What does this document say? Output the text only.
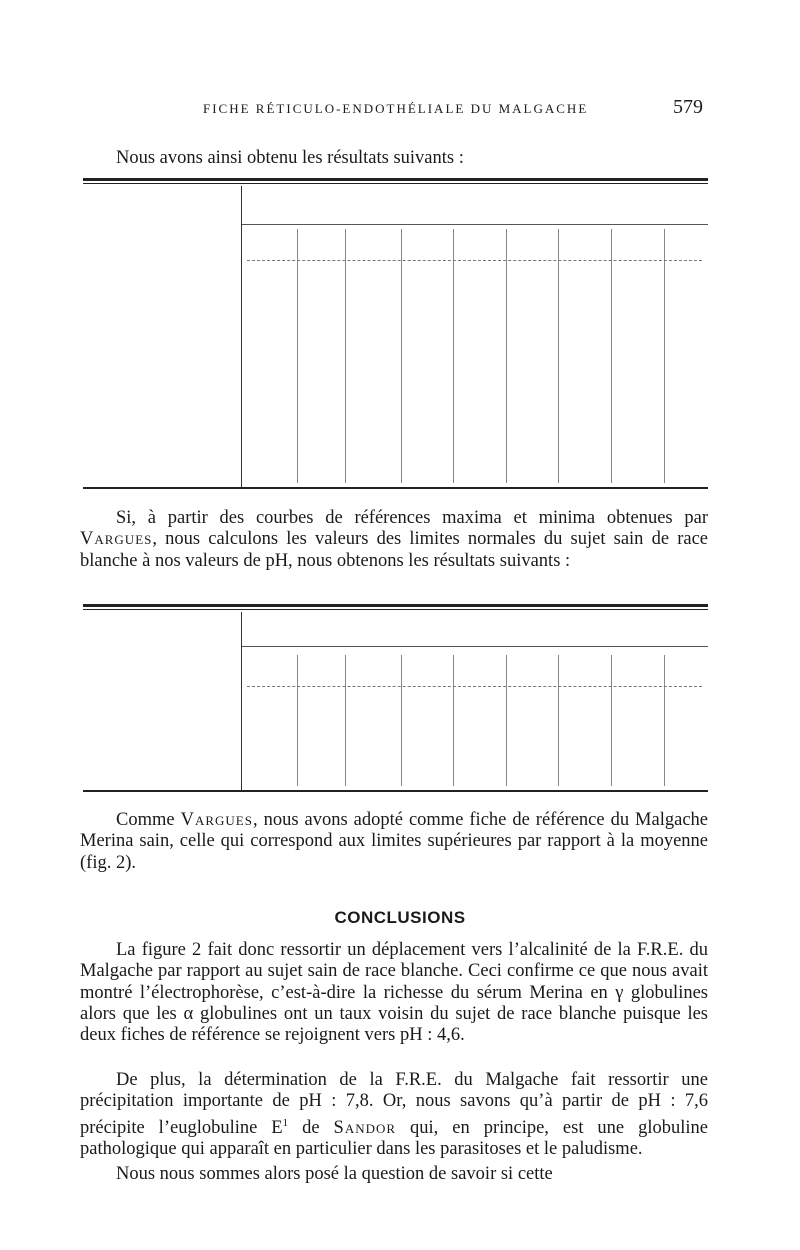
FICHE RÉTICULO-ENDOTHÉLIALE DU MALGACHE	579

Nous avons ainsi obtenu les résultats suivants :

Si, à partir des courbes de références maxima et minima obtenues par Vargues, nous calculons les valeurs des limites normales du sujet sain de race blanche à nos valeurs de pH, nous obtenons les résultats suivants :

Comme Vargues, nous avons adopté comme fiche de référence du Malgache Merina sain, celle qui correspond aux limites supérieures par rapport à la moyenne (fig. 2).

CONCLUSIONS

La figure 2 fait donc ressortir un déplacement vers l’alcalinité de la F.R.E. du Malgache par rapport au sujet sain de race blanche. Ceci confirme ce que nous avait montré l’électrophorèse, c’est-à-dire la richesse du sérum Merina en γ globulines alors que les α globulines ont un taux voisin du sujet de race blanche puisque les deux fiches de référence se rejoignent vers pH : 4,6.

De plus, la détermination de la F.R.E. du Malgache fait ressortir une précipitation importante de pH : 7,8. Or, nous savons qu’à partir de pH : 7,6 précipite l’euglobuline $E^1$ de Sandor qui, en principe, est une globuline pathologique qui apparaît en particulier dans les parasitoses et le paludisme.

Nous nous sommes alors posé la question de savoir si cette
